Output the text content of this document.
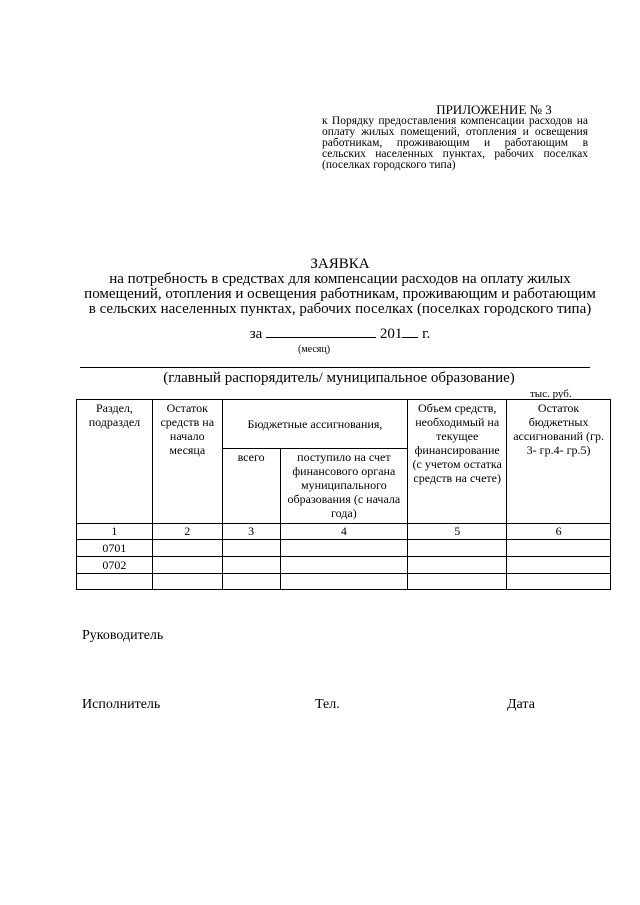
ПРИЛОЖЕНИЕ № 3
к Порядку предоставления компенсации расходов на оплату жилых помещений, отопления и освещения работникам, проживающим и работающим в сельских населенных пунктах, рабочих поселках (поселках городского типа)
ЗАЯВКА
на потребность в средствах для компенсации расходов на оплату жилых помещений, отопления и освещения работникам, проживающим и работающим в сельских населенных пунктах, рабочих поселках (поселках городского типа)
за	201 г.
(месяц)
(главный распорядитель/ муниципальное образование)
тыс. руб.
Раздел, подраздел	Остаток средств на начало месяца	Бюджетные ассигнования,		Объем средств, необходимый на текущее финансирование (с учетом остатка средств на счете)	Остаток бюджетных ассигнований (гр. 3- гр.4- гр.5)
		всего	поступило на счет финансового органа муниципального образования (с начала года)		
1	2	3	4	5	6
0701					
0702					

Руководитель
Исполнитель	Тел.	Дата
